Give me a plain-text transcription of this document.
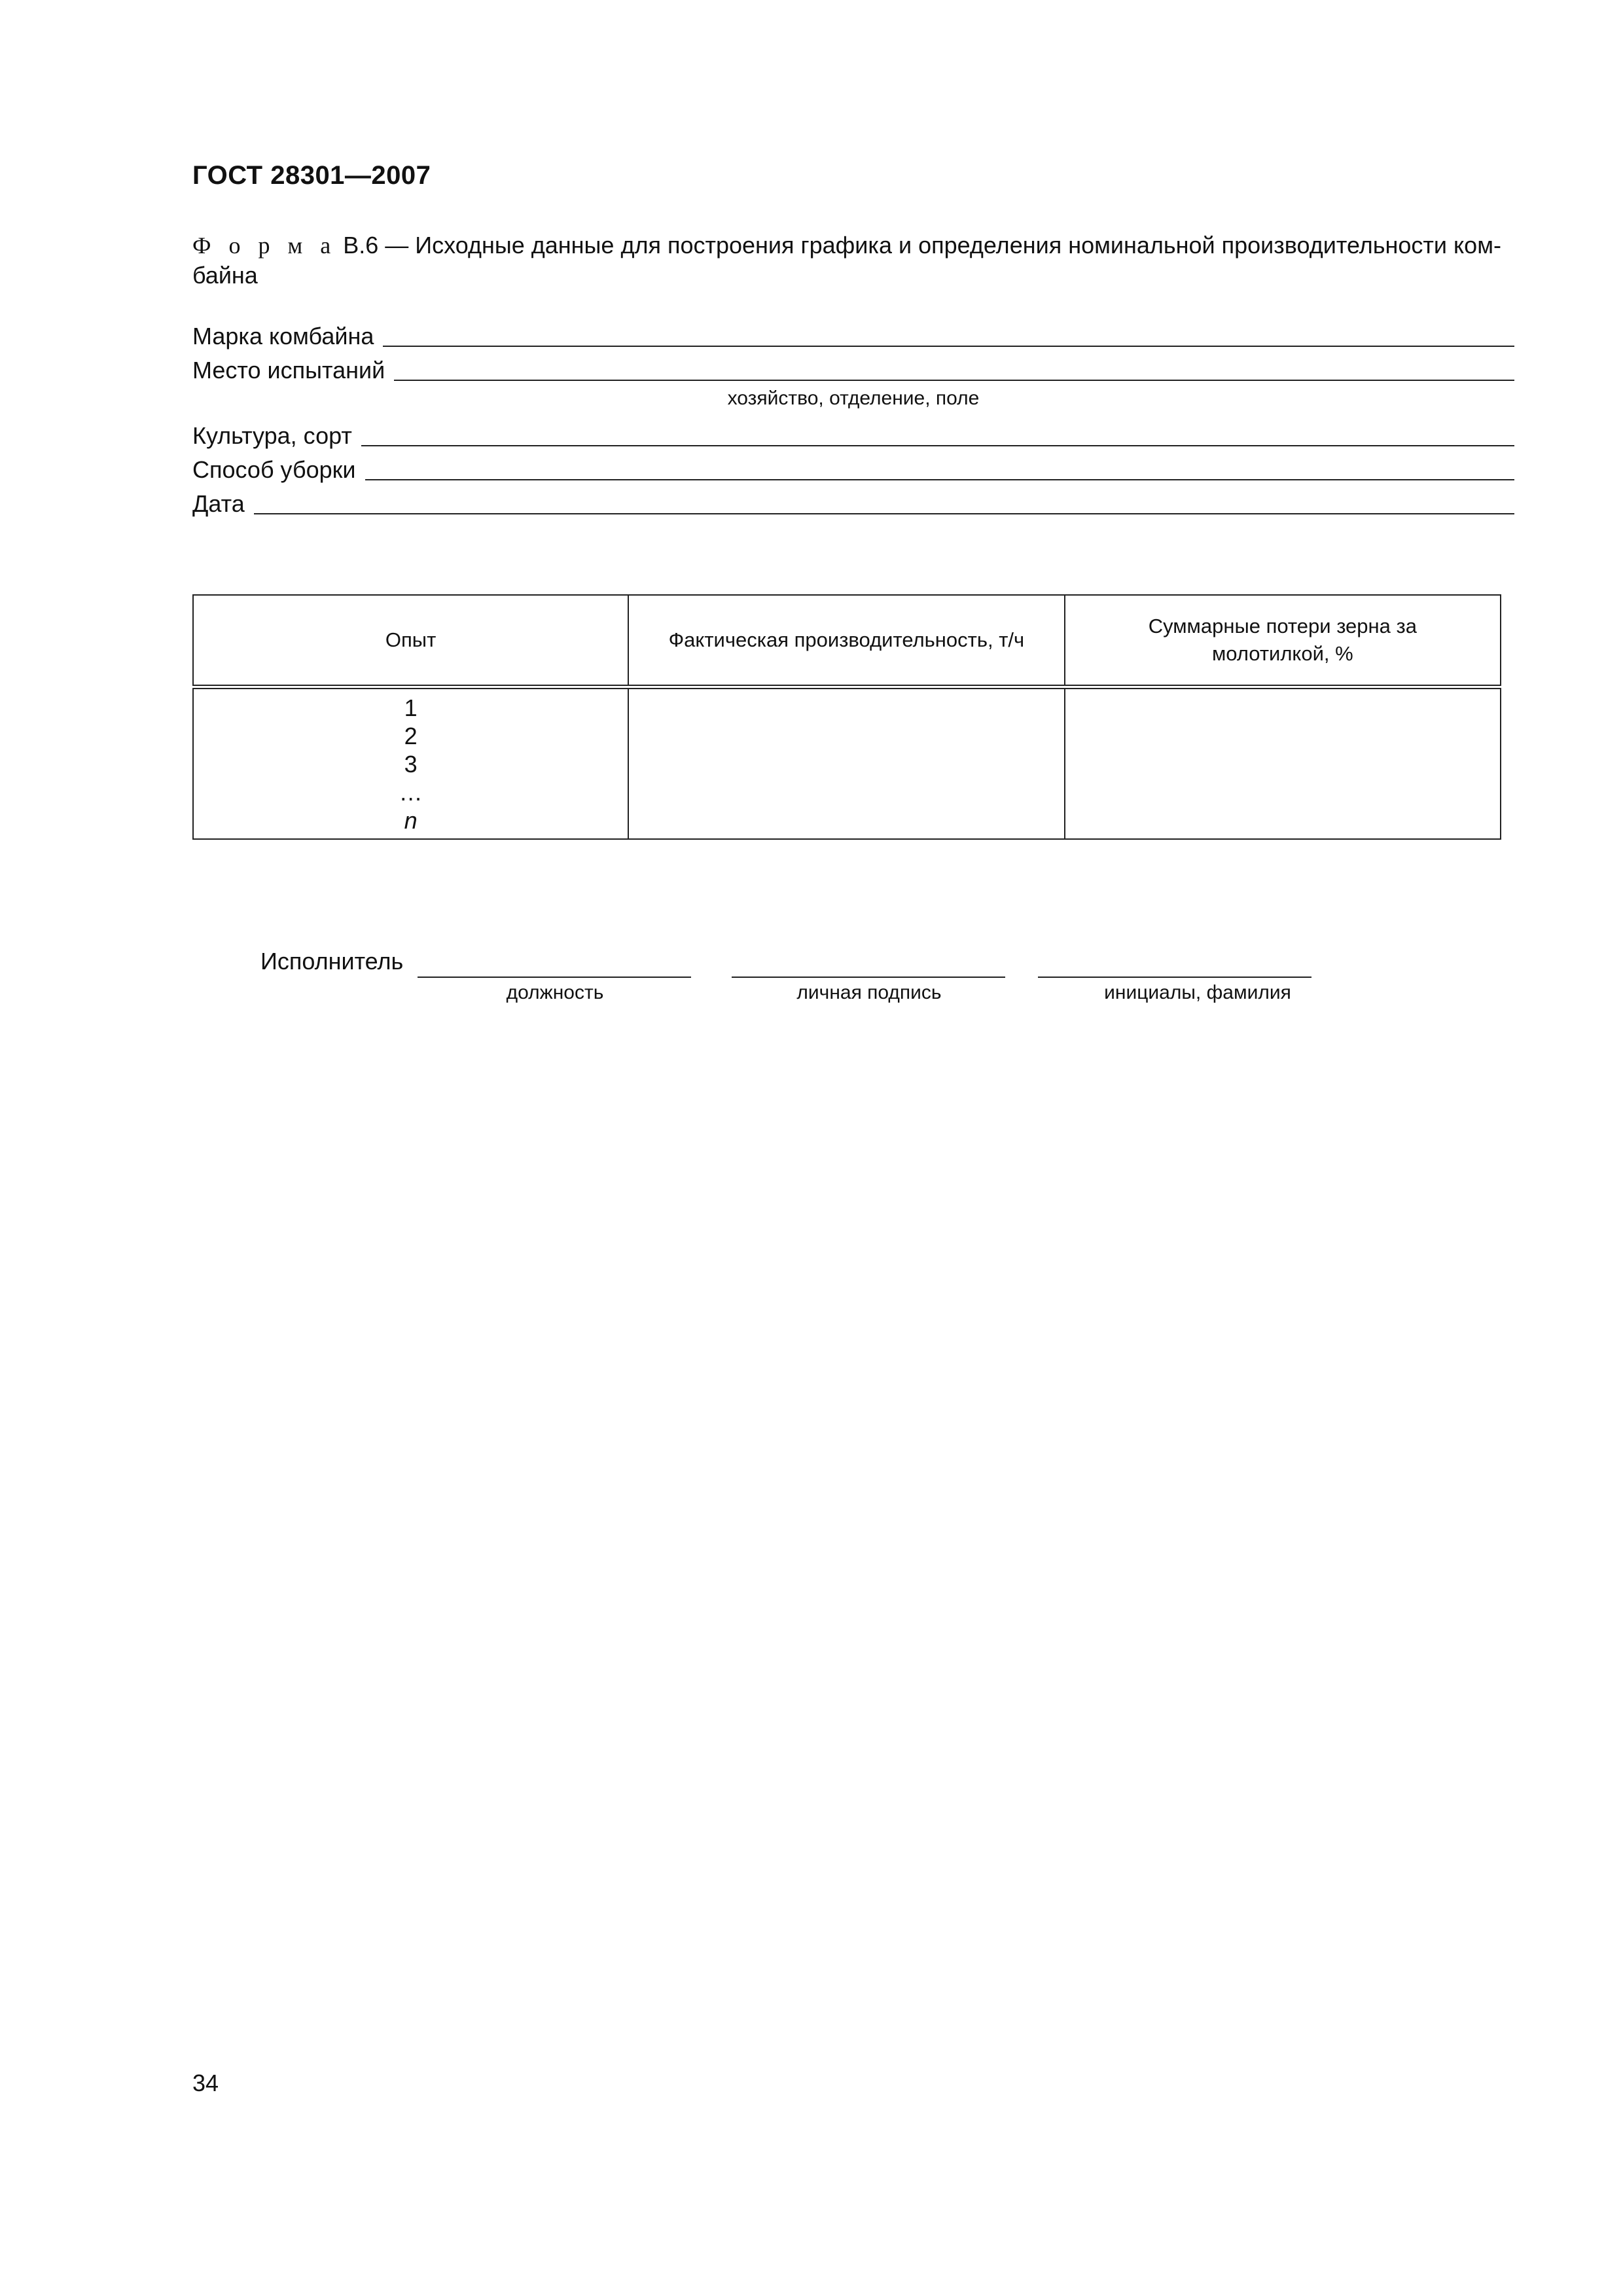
ГОСТ 28301—2007
Ф о р м а В.6 — Исходные данные для построения графика и определения номинальной производительности ком-
байна
Марка комбайна
Место испытаний
хозяйство, отделение, поле
Культура, сорт
Способ уборки
Дата
Опыт	Фактическая производительность, т/ч	Суммарные потери зерна за
молотилкой, %

1
2
3
…
n		

Исполнитель
должность	личная подпись	инициалы, фамилия
34
